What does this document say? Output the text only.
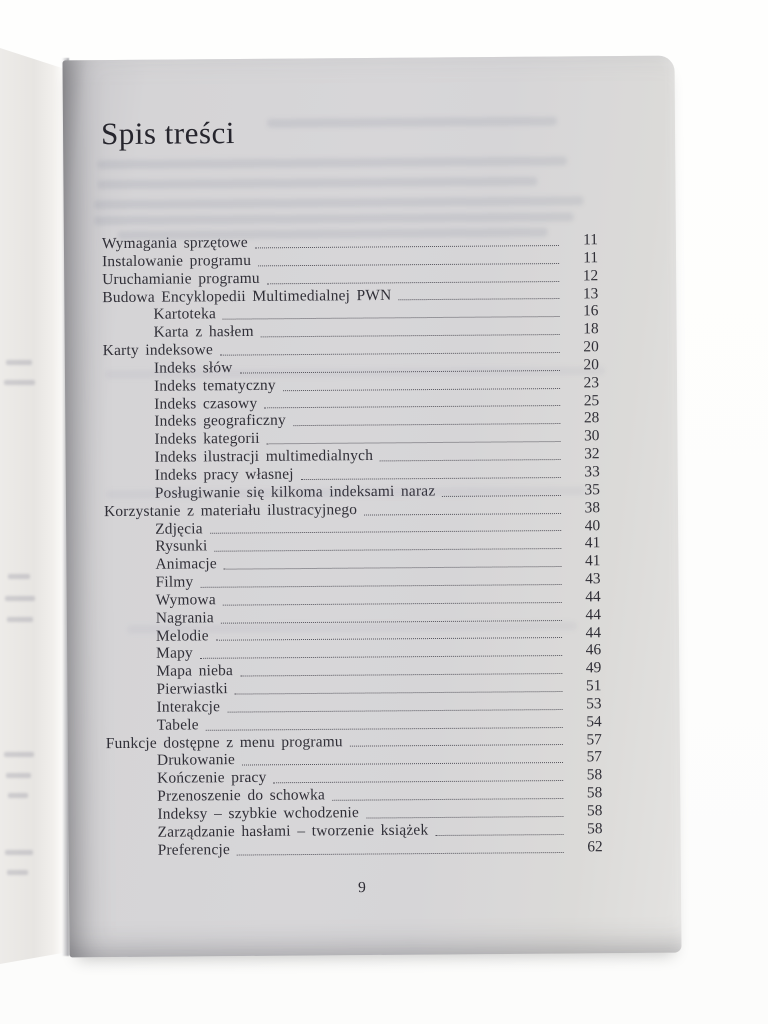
Spis treści
Wymagania sprzętowe	11
Instalowanie programu	11
Uruchamianie programu	12
Budowa Encyklopedii Multimedialnej PWN	13
Kartoteka	16
Karta z hasłem	18
Karty indeksowe	20
Indeks słów	20
Indeks tematyczny	23
Indeks czasowy	25
Indeks geograficzny	28
Indeks kategorii	30
Indeks ilustracji multimedialnych	32
Indeks pracy własnej	33
Posługiwanie się kilkoma indeksami naraz	35
Korzystanie z materiału ilustracyjnego	38
Zdjęcia	40
Rysunki	41
Animacje	41
Filmy	43
Wymowa	44
Nagrania	44
Melodie	44
Mapy	46
Mapa nieba	49
Pierwiastki	51
Interakcje	53
Tabele	54
Funkcje dostępne z menu programu	57
Drukowanie	57
Kończenie pracy	58
Przenoszenie do schowka	58
Indeksy – szybkie wchodzenie	58
Zarządzanie hasłami – tworzenie książek	58
Preferencje	62
9
